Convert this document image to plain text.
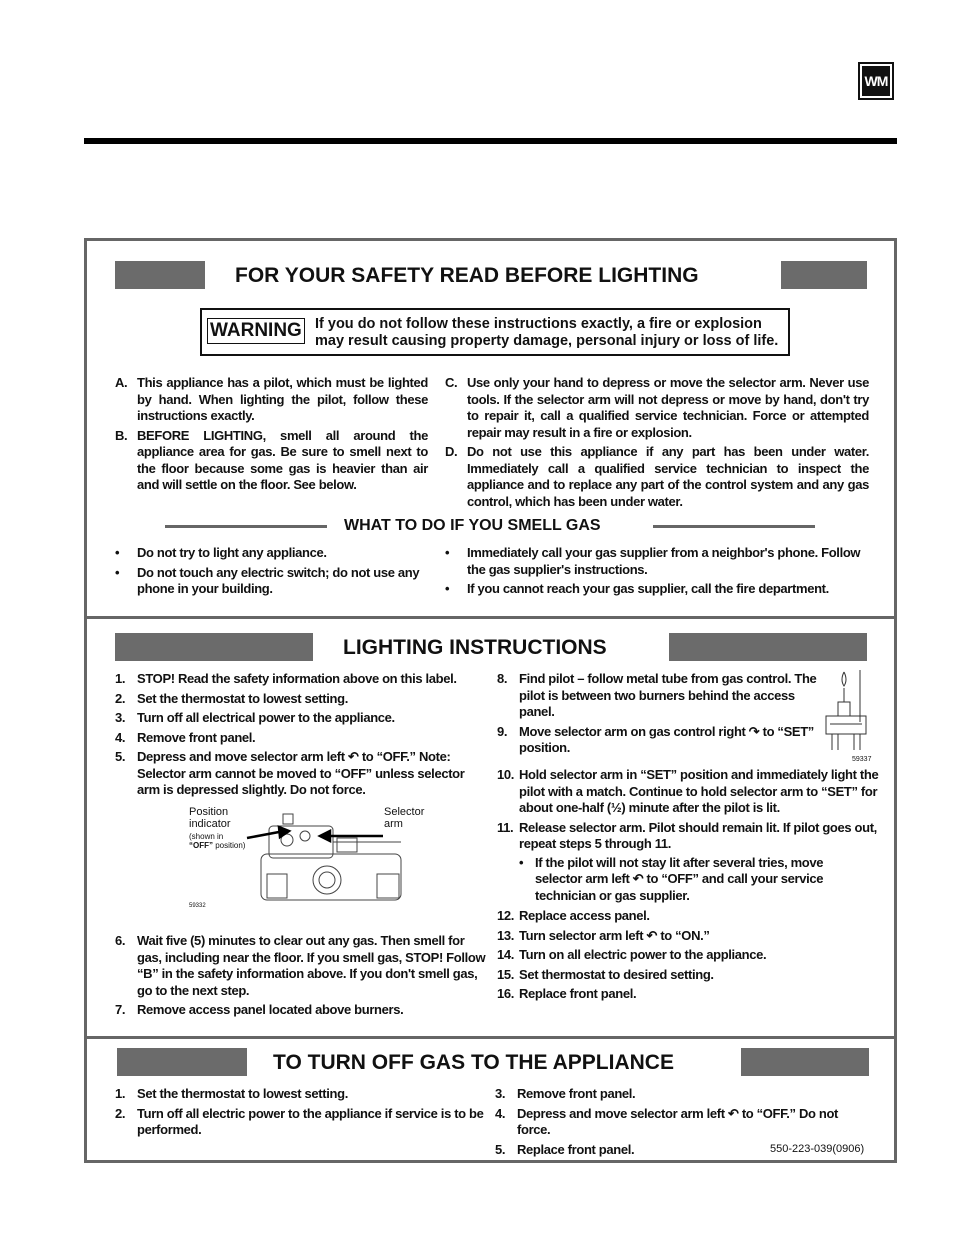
WM
FOR YOUR SAFETY READ BEFORE LIGHTING
WARNING If you do not follow these instructions exactly, a fire or explosion may result causing property damage, personal injury or loss of life.
A. This appliance has a pilot, which must be lighted by hand. When lighting the pilot, follow these instructions exactly.
B. BEFORE LIGHTING, smell all around the appliance area for gas. Be sure to smell next to the floor because some gas is heavier than air and will settle on the floor. See below.
C. Use only your hand to depress or move the selector arm. Never use tools. If the selector arm will not depress or move by hand, don't try to repair it, call a qualified service technician. Force or attempted repair may result in a fire or explosion.
D. Do not use this appliance if any part has been under water. Immediately call a qualified service technician to inspect the appliance and to replace any part of the control system and any gas control, which has been under water.
WHAT TO DO IF YOU SMELL GAS
• Do not try to light any appliance.
• Do not touch any electric switch; do not use any phone in your building.
• Immediately call your gas supplier from a neighbor's phone. Follow the gas supplier's instructions.
• If you cannot reach your gas supplier, call the fire department.
LIGHTING INSTRUCTIONS
1. STOP! Read the safety information above on this label.
2. Set the thermostat to lowest setting.
3. Turn off all electrical power to the appliance.
4. Remove front panel.
5. Depress and move selector arm left ↶ to “OFF.” Note: Selector arm cannot be moved to “OFF” unless selector arm is depressed slightly. Do not force.
Position indicator
(shown in
“OFF” position)
Selector arm
59332
6. Wait five (5) minutes to clear out any gas. Then smell for gas, including near the floor. If you smell gas, STOP! Follow “B” in the safety information above. If you don't smell gas, go to the next step.
7. Remove access panel located above burners.
8. Find pilot – follow metal tube from gas control. The pilot is between two burners behind the access panel.
9. Move selector arm on gas control right ↷ to “SET” position.
10. Hold selector arm in “SET” position and immediately light the pilot with a match. Continue to hold selector arm to “SET” for about one-half (½) minute after the pilot is lit.
11. Release selector arm. Pilot should remain lit. If pilot goes out, repeat steps 5 through 11.
• If the pilot will not stay lit after several tries, move selector arm left ↶ to “OFF” and call your service technician or gas supplier.
12. Replace access panel.
13. Turn selector arm left ↶ to “ON.”
14. Turn on all electric power to the appliance.
15. Set thermostat to desired setting.
16. Replace front panel.
59337
TO TURN OFF GAS TO THE APPLIANCE
1. Set the thermostat to lowest setting.
2. Turn off all electric power to the appliance if service is to be performed.
3. Remove front panel.
4. Depress and move selector arm left ↶ to “OFF.” Do not force.
5. Replace front panel.	550-223-039(0906)
